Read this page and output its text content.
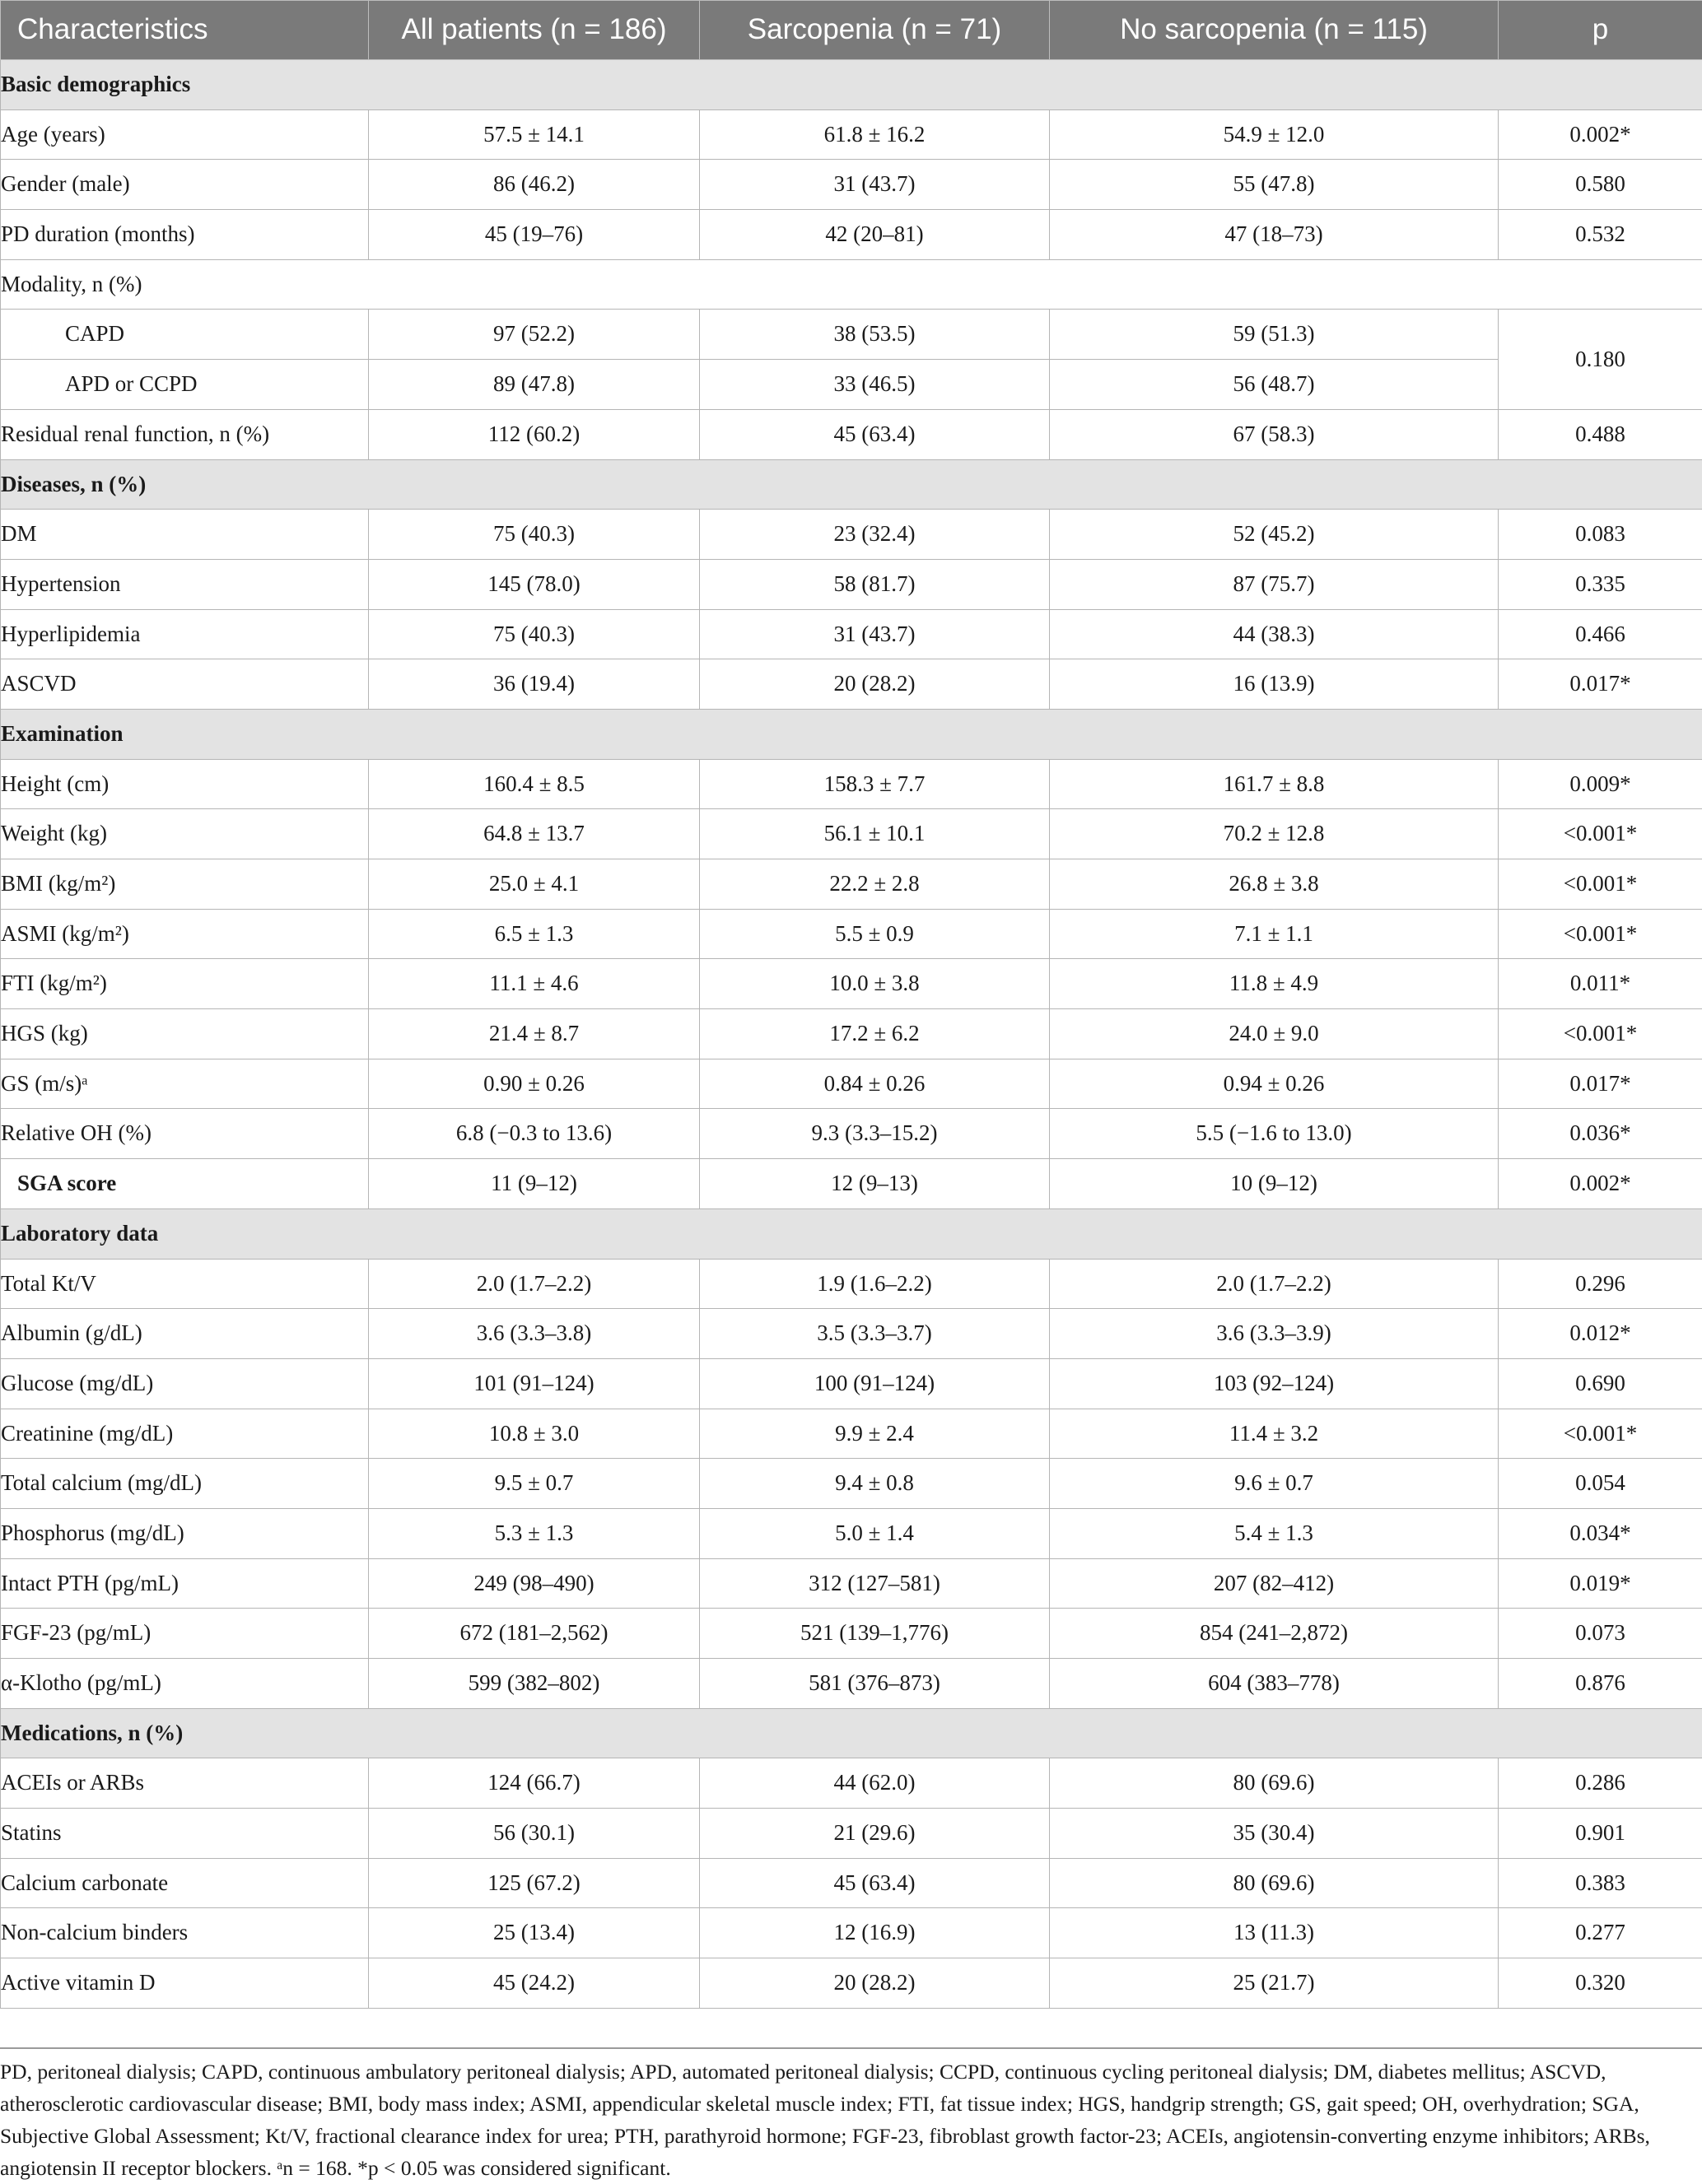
Characteristics	All patients (n = 186)	Sarcopenia (n = 71)	No sarcopenia (n = 115)	p
Basic demographics				
Age (years)	57.5 ± 14.1	61.8 ± 16.2	54.9 ± 12.0	0.002*
Gender (male)	86 (46.2)	31 (43.7)	55 (47.8)	0.580
PD duration (months)	45 (19–76)	42 (20–81)	47 (18–73)	0.532
Modality, n (%)				
CAPD	97 (52.2)	38 (53.5)	59 (51.3)	0.180
APD or CCPD	89 (47.8)	33 (46.5)	56 (48.7)	
Residual renal function, n (%)	112 (60.2)	45 (63.4)	67 (58.3)	0.488
Diseases, n (%)				
DM	75 (40.3)	23 (32.4)	52 (45.2)	0.083
Hypertension	145 (78.0)	58 (81.7)	87 (75.7)	0.335
Hyperlipidemia	75 (40.3)	31 (43.7)	44 (38.3)	0.466
ASCVD	36 (19.4)	20 (28.2)	16 (13.9)	0.017*
Examination				
Height (cm)	160.4 ± 8.5	158.3 ± 7.7	161.7 ± 8.8	0.009*
Weight (kg)	64.8 ± 13.7	56.1 ± 10.1	70.2 ± 12.8	<0.001*
BMI (kg/m²)	25.0 ± 4.1	22.2 ± 2.8	26.8 ± 3.8	<0.001*
ASMI (kg/m²)	6.5 ± 1.3	5.5 ± 0.9	7.1 ± 1.1	<0.001*
FTI (kg/m²)	11.1 ± 4.6	10.0 ± 3.8	11.8 ± 4.9	0.011*
HGS (kg)	21.4 ± 8.7	17.2 ± 6.2	24.0 ± 9.0	<0.001*
GS (m/s)ᵃ	0.90 ± 0.26	0.84 ± 0.26	0.94 ± 0.26	0.017*
Relative OH (%)	6.8 (−0.3 to 13.6)	9.3 (3.3–15.2)	5.5 (−1.6 to 13.0)	0.036*
SGA score	11 (9–12)	12 (9–13)	10 (9–12)	0.002*
Laboratory data				
Total Kt/V	2.0 (1.7–2.2)	1.9 (1.6–2.2)	2.0 (1.7–2.2)	0.296
Albumin (g/dL)	3.6 (3.3–3.8)	3.5 (3.3–3.7)	3.6 (3.3–3.9)	0.012*
Glucose (mg/dL)	101 (91–124)	100 (91–124)	103 (92–124)	0.690
Creatinine (mg/dL)	10.8 ± 3.0	9.9 ± 2.4	11.4 ± 3.2	<0.001*
Total calcium (mg/dL)	9.5 ± 0.7	9.4 ± 0.8	9.6 ± 0.7	0.054
Phosphorus (mg/dL)	5.3 ± 1.3	5.0 ± 1.4	5.4 ± 1.3	0.034*
Intact PTH (pg/mL)	249 (98–490)	312 (127–581)	207 (82–412)	0.019*
FGF-23 (pg/mL)	672 (181–2,562)	521 (139–1,776)	854 (241–2,872)	0.073
α-Klotho (pg/mL)	599 (382–802)	581 (376–873)	604 (383–778)	0.876
Medications, n (%)				
ACEIs or ARBs	124 (66.7)	44 (62.0)	80 (69.6)	0.286
Statins	56 (30.1)	21 (29.6)	35 (30.4)	0.901
Calcium carbonate	125 (67.2)	45 (63.4)	80 (69.6)	0.383
Non-calcium binders	25 (13.4)	12 (16.9)	13 (11.3)	0.277
Active vitamin D	45 (24.2)	20 (28.2)	25 (21.7)	0.320

PD, peritoneal dialysis; CAPD, continuous ambulatory peritoneal dialysis; APD, automated peritoneal dialysis; CCPD, continuous cycling peritoneal dialysis; DM, diabetes mellitus; ASCVD, atherosclerotic cardiovascular disease; BMI, body mass index; ASMI, appendicular skeletal muscle index; FTI, fat tissue index; HGS, handgrip strength; GS, gait speed; OH, overhydration; SGA, Subjective Global Assessment; Kt/V, fractional clearance index for urea; PTH, parathyroid hormone; FGF-23, fibroblast growth factor-23; ACEIs, angiotensin-converting enzyme inhibitors; ARBs, angiotensin II receptor blockers. ᵃn = 168. *p < 0.05 was considered significant.
